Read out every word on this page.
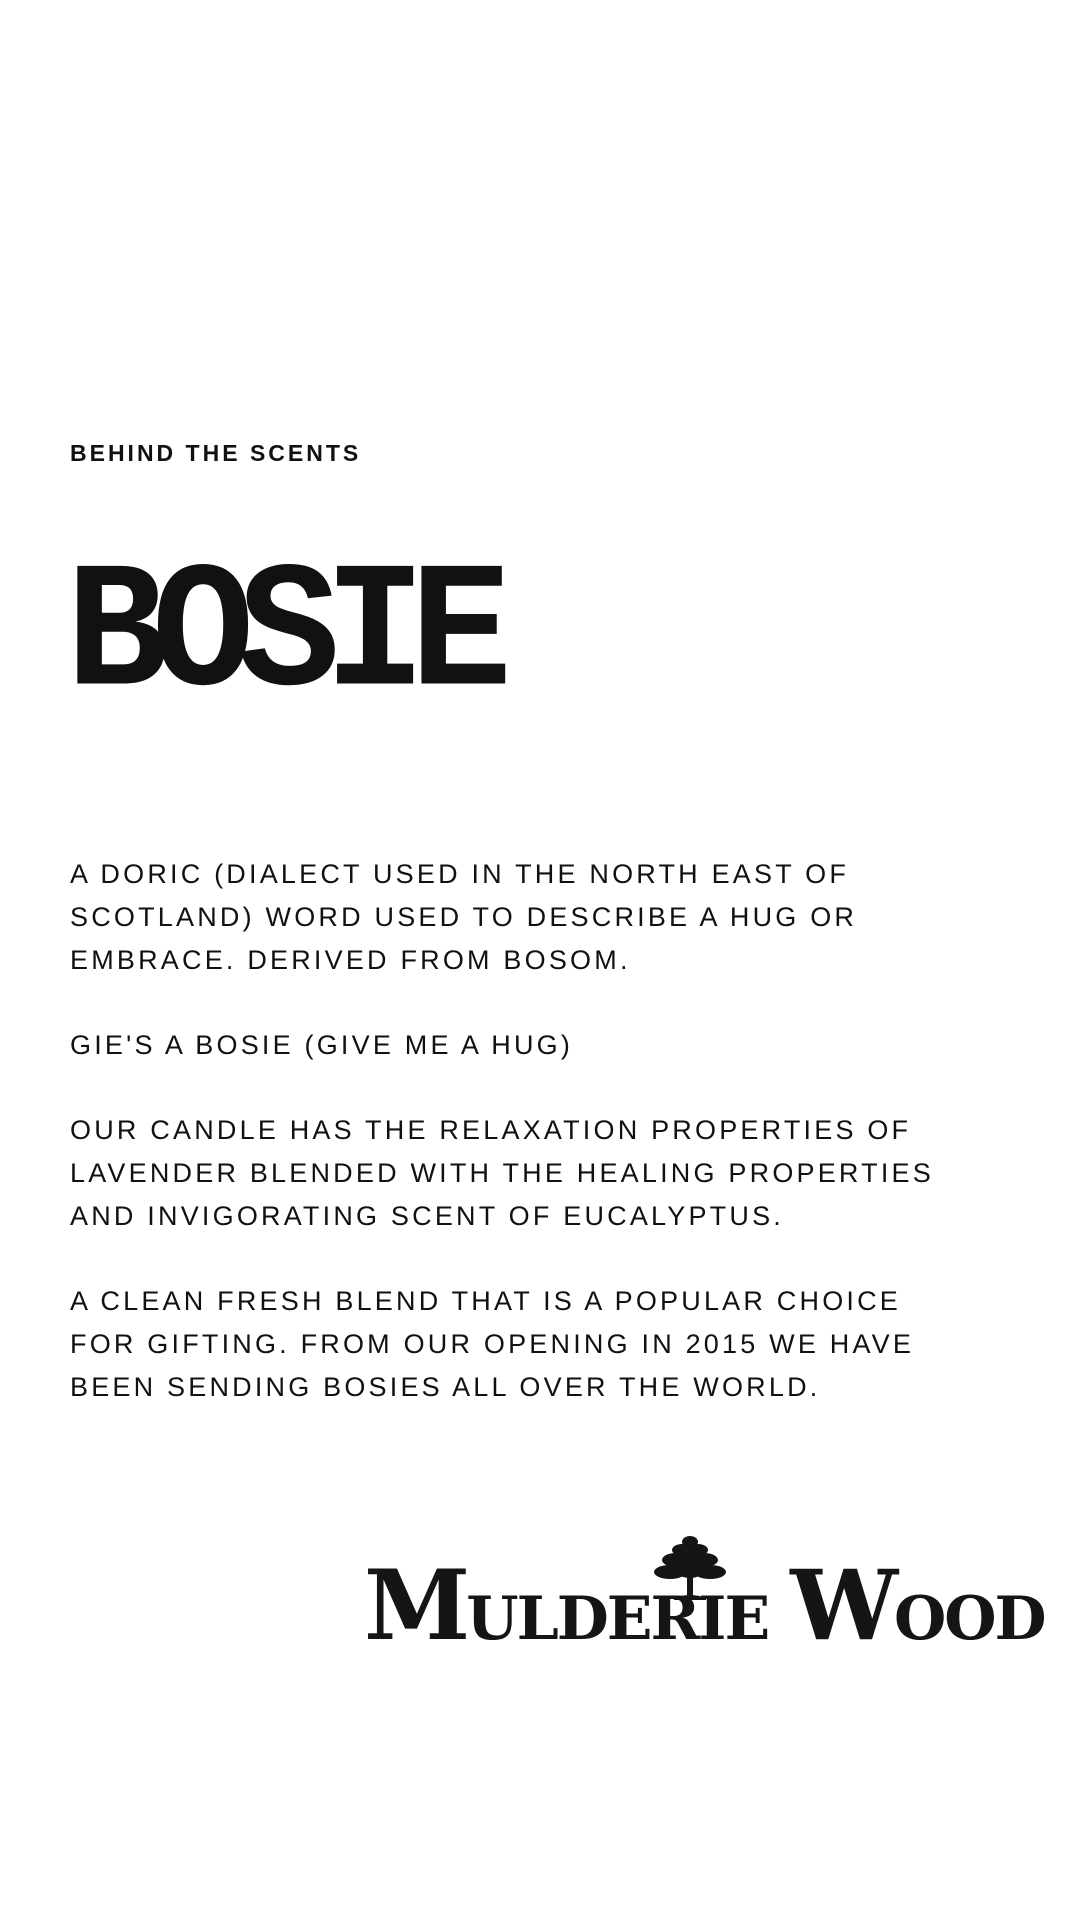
BEHIND THE SCENTS
BOSIE

A DORIC (DIALECT USED IN THE NORTH EAST OF
SCOTLAND) WORD USED TO DESCRIBE A HUG OR
EMBRACE. DERIVED FROM BOSOM.

GIE'S A BOSIE (GIVE ME A HUG)

OUR CANDLE HAS THE RELAXATION PROPERTIES OF
LAVENDER BLENDED WITH THE HEALING PROPERTIES
AND INVIGORATING SCENT OF EUCALYPTUS.

A CLEAN FRESH BLEND THAT IS A POPULAR CHOICE
FOR GIFTING. FROM OUR OPENING IN 2015 WE HAVE
BEEN SENDING BOSIES ALL OVER THE WORLD.

MULDERIE WOOD
